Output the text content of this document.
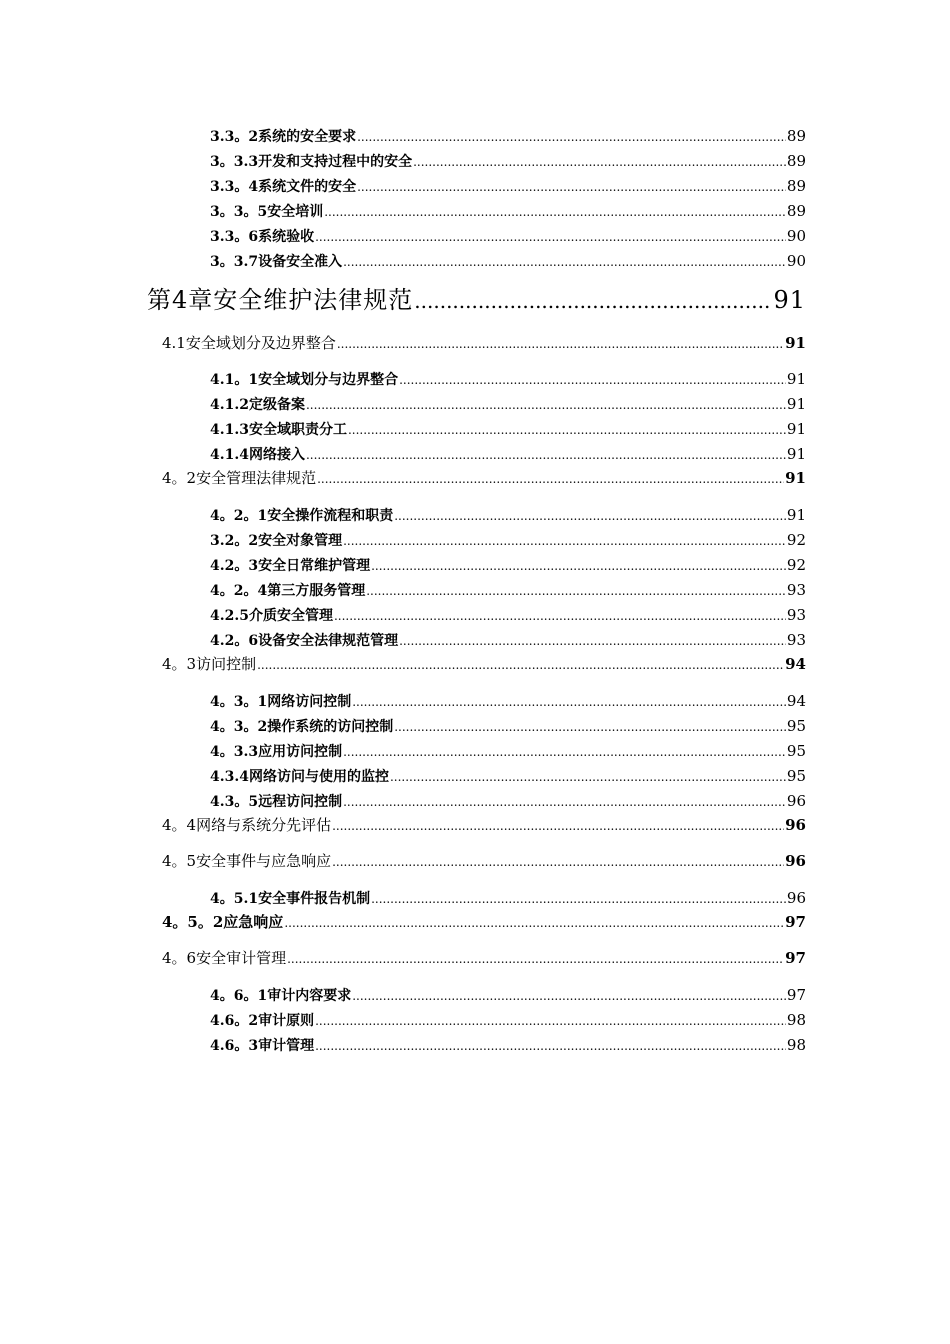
3.3。2系统的安全要求 .....	89
3。3.3开发和支持过程中的安全 .....	89
3.3。4系统文件的安全 .....	89
3。3。5安全培训 .....	89
3.3。6系统验收 .....	90
3。3.7设备安全准入 .....	90
第4章安全维护法律规范 .....	91
4.1安全域划分及边界整合 .....	91
4.1。1安全域划分与边界整合 .....	91
4.1.2定级备案 .....	91
4.1.3安全域职责分工 .....	91
4.1.4网络接入 .....	91
4。2安全管理法律规范 .....	91
4。2。1安全操作流程和职责 .....	91
3.2。2安全对象管理 .....	92
4.2。3安全日常维护管理 .....	92
4。2。4第三方服务管理 .....	93
4.2.5介质安全管理 .....	93
4.2。6设备安全法律规范管理 .....	93
4。3访问控制 .....	94
4。3。1网络访问控制 .....	94
4。3。2操作系统的访问控制 .....	95
4。3.3应用访问控制 .....	95
4.3.4网络访问与使用的监控 .....	95
4.3。5远程访问控制 .....	96
4。4网络与系统分先评估 .....	96
4。5安全事件与应急响应 .....	96
4。5.1安全事件报告机制 .....	96
4。5。2应急响应 .....	97
4。6安全审计管理 .....	97
4。6。1审计内容要求 .....	97
4.6。2审计原则 .....	98
4.6。3审计管理 .....	98
